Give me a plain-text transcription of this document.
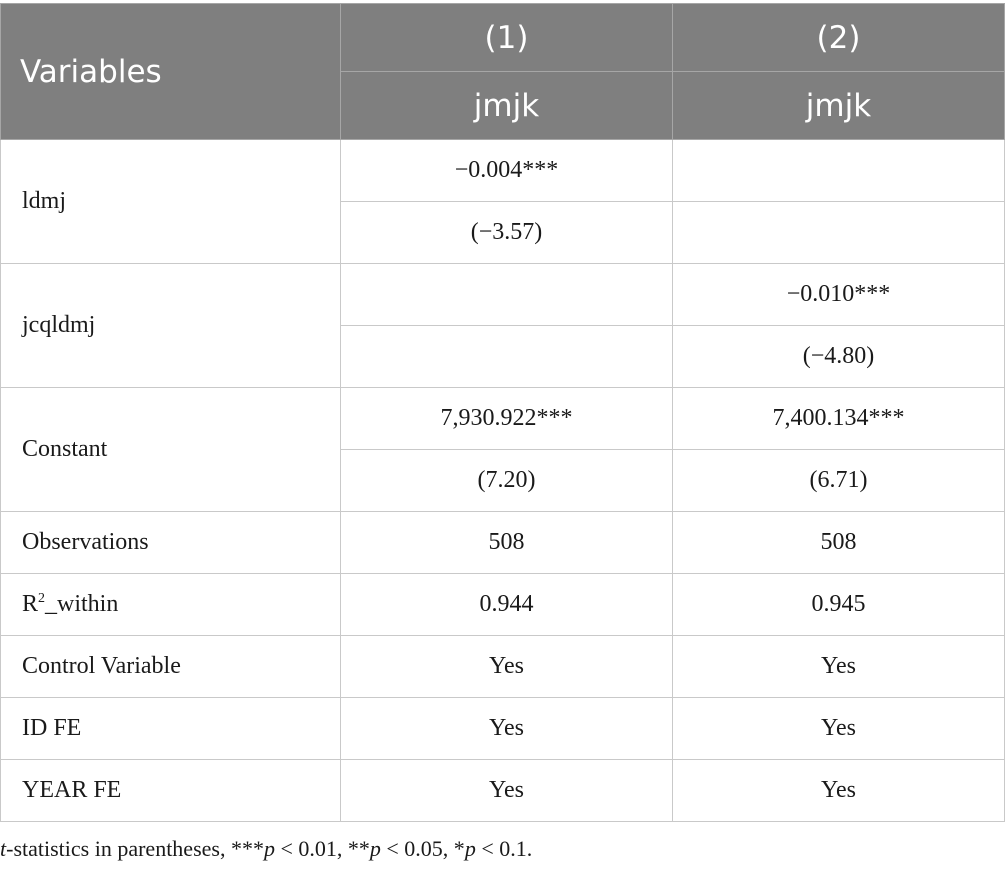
Variables	(1)	(2)
	jmjk	jmjk
ldmj	−0.004***	
	(−3.57)	
jcqldmj		−0.010***
		(−4.80)
Constant	7,930.922***	7,400.134***
	(7.20)	(6.71)
Observations	508	508
$R^2\_within$	0.944	0.945
Control Variable	Yes	Yes
ID FE	Yes	Yes
YEAR FE	Yes	Yes
t-statistics in parentheses, ***p < 0.01, **p < 0.05, *p < 0.1.
